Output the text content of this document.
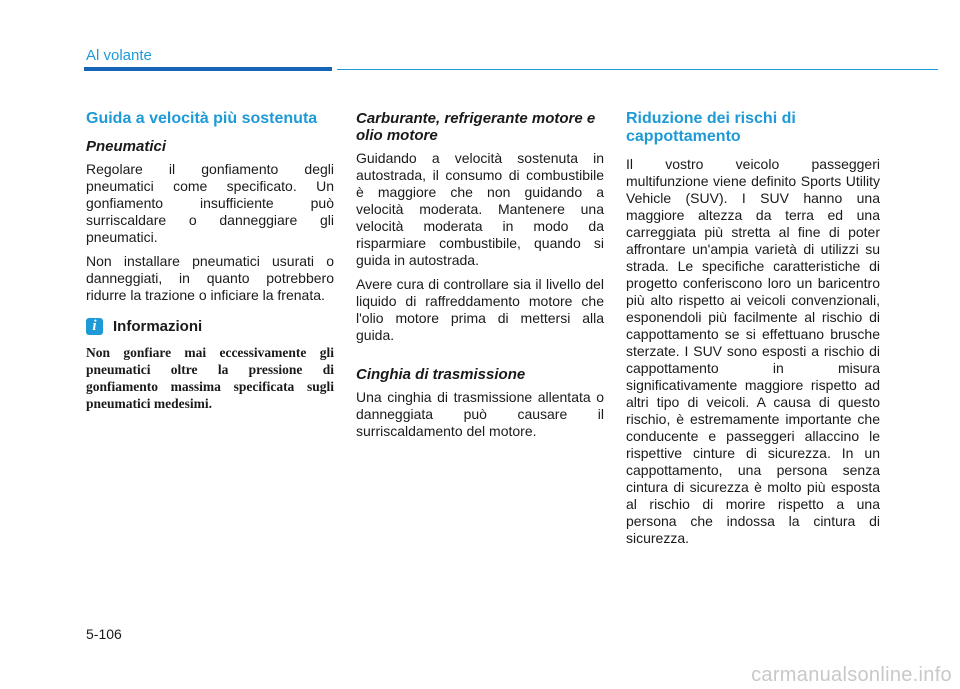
Al volante
Guida a velocità più sostenuta
Pneumatici

Regolare il gonfiamento degli pneumatici come specificato. Un gonfiamento insufficiente può surriscaldare o danneggiare gli pneumatici.

Non installare pneumatici usurati o danneggiati, in quanto potrebbero ridurre la trazione o inficiare la frenata.

i	Informazioni

Non gonfiare mai eccessivamente gli pneumatici oltre la pressione di gonfiamento massima specificata sugli pneumatici medesimi.

Carburante, refrigerante motore e olio motore

Guidando a velocità sostenuta in autostrada, il consumo di combustibile è maggiore che non guidando a velocità moderata. Mantenere una velocità moderata in modo da risparmiare combustibile, quando si guida in autostrada.

Avere cura di controllare sia il livello del liquido di raffreddamento motore che l'olio motore prima di mettersi alla guida.

Cinghia di trasmissione

Una cinghia di trasmissione allentata o danneggiata può causare il surriscaldamento del motore.

Riduzione dei rischi di cappottamento

Il vostro veicolo passeggeri multifunzione viene definito Sports Utility Vehicle (SUV). I SUV hanno una maggiore altezza da terra ed una carreggiata più stretta al fine di poter affrontare un'ampia varietà di utilizzi su strada. Le specifiche caratteristiche di progetto conferiscono loro un baricentro più alto rispetto ai veicoli convenzionali, esponendoli più facilmente al rischio di cappottamento se si effettuano brusche sterzate. I SUV sono esposti a rischio di cappottamento in misura significativamente maggiore rispetto ad altri tipo di veicoli. A causa di questo rischio, è estremamente importante che conducente e passeggeri allaccino le rispettive cinture di sicurezza. In un cappottamento, una persona senza cintura di sicurezza è molto più esposta al rischio di morire rispetto a una persona che indossa la cintura di sicurezza.

5-106
carmanualsonline.info
